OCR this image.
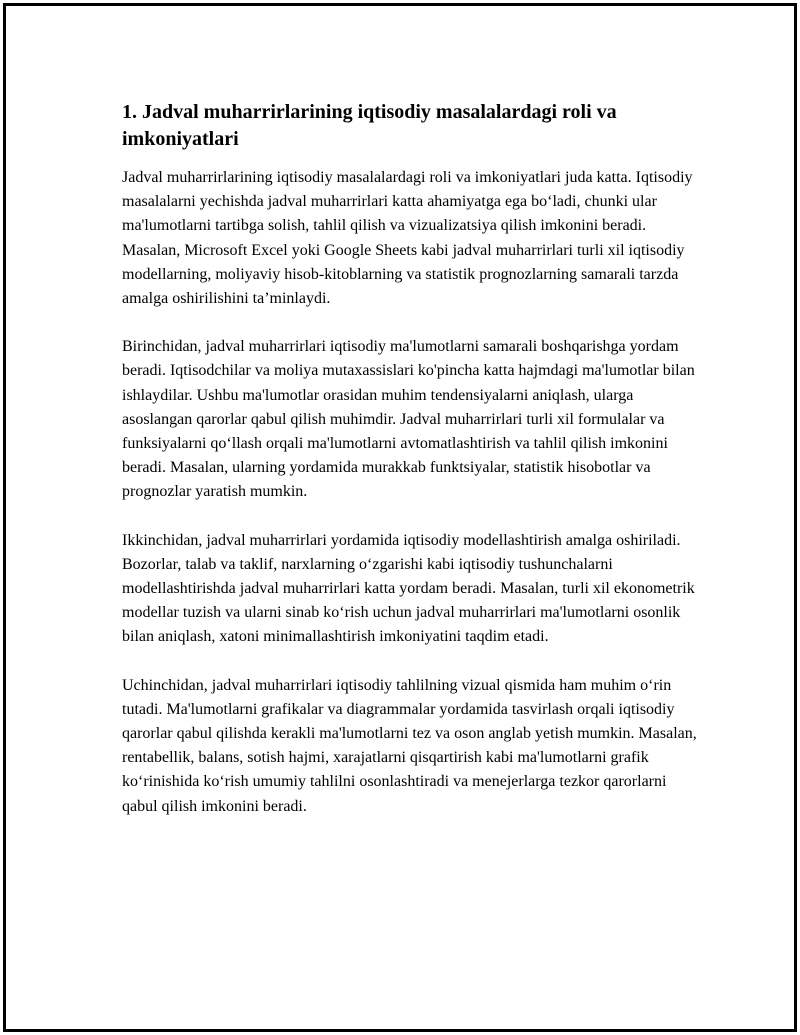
1. Jadval muharrirlarining iqtisodiy masalalardagi roli va imkoniyatlari

Jadval muharrirlarining iqtisodiy masalalardagi roli va imkoniyatlari juda katta. Iqtisodiy masalalarni yechishda jadval muharrirlari katta ahamiyatga ega bo‘ladi, chunki ular ma'lumotlarni tartibga solish, tahlil qilish va vizualizatsiya qilish imkonini beradi. Masalan, Microsoft Excel yoki Google Sheets kabi jadval muharrirlari turli xil iqtisodiy modellarning, moliyaviy hisob-kitoblarning va statistik prognozlarning samarali tarzda amalga oshirilishini ta’minlaydi.

Birinchidan, jadval muharrirlari iqtisodiy ma'lumotlarni samarali boshqarishga yordam beradi. Iqtisodchilar va moliya mutaxassislari ko'pincha katta hajmdagi ma'lumotlar bilan ishlaydilar. Ushbu ma'lumotlar orasidan muhim tendensiyalarni aniqlash, ularga asoslangan qarorlar qabul qilish muhimdir. Jadval muharrirlari turli xil formulalar va funksiyalarni qo‘llash orqali ma'lumotlarni avtomatlashtirish va tahlil qilish imkonini beradi. Masalan, ularning yordamida murakkab funktsiyalar, statistik hisobotlar va prognozlar yaratish mumkin.

Ikkinchidan, jadval muharrirlari yordamida iqtisodiy modellashtirish amalga oshiriladi. Bozorlar, talab va taklif, narxlarning o‘zgarishi kabi iqtisodiy tushunchalarni modellashtirishda jadval muharrirlari katta yordam beradi. Masalan, turli xil ekonometrik modellar tuzish va ularni sinab ko‘rish uchun jadval muharrirlari ma'lumotlarni osonlik bilan aniqlash, xatoni minimallashtirish imkoniyatini taqdim etadi.

Uchinchidan, jadval muharrirlari iqtisodiy tahlilning vizual qismida ham muhim o‘rin tutadi. Ma'lumotlarni grafikalar va diagrammalar yordamida tasvirlash orqali iqtisodiy qarorlar qabul qilishda kerakli ma'lumotlarni tez va oson anglab yetish mumkin. Masalan, rentabellik, balans, sotish hajmi, xarajatlarni qisqartirish kabi ma'lumotlarni grafik ko‘rinishida ko‘rish umumiy tahlilni osonlashtiradi va menejerlarga tezkor qarorlarni qabul qilish imkonini beradi.
